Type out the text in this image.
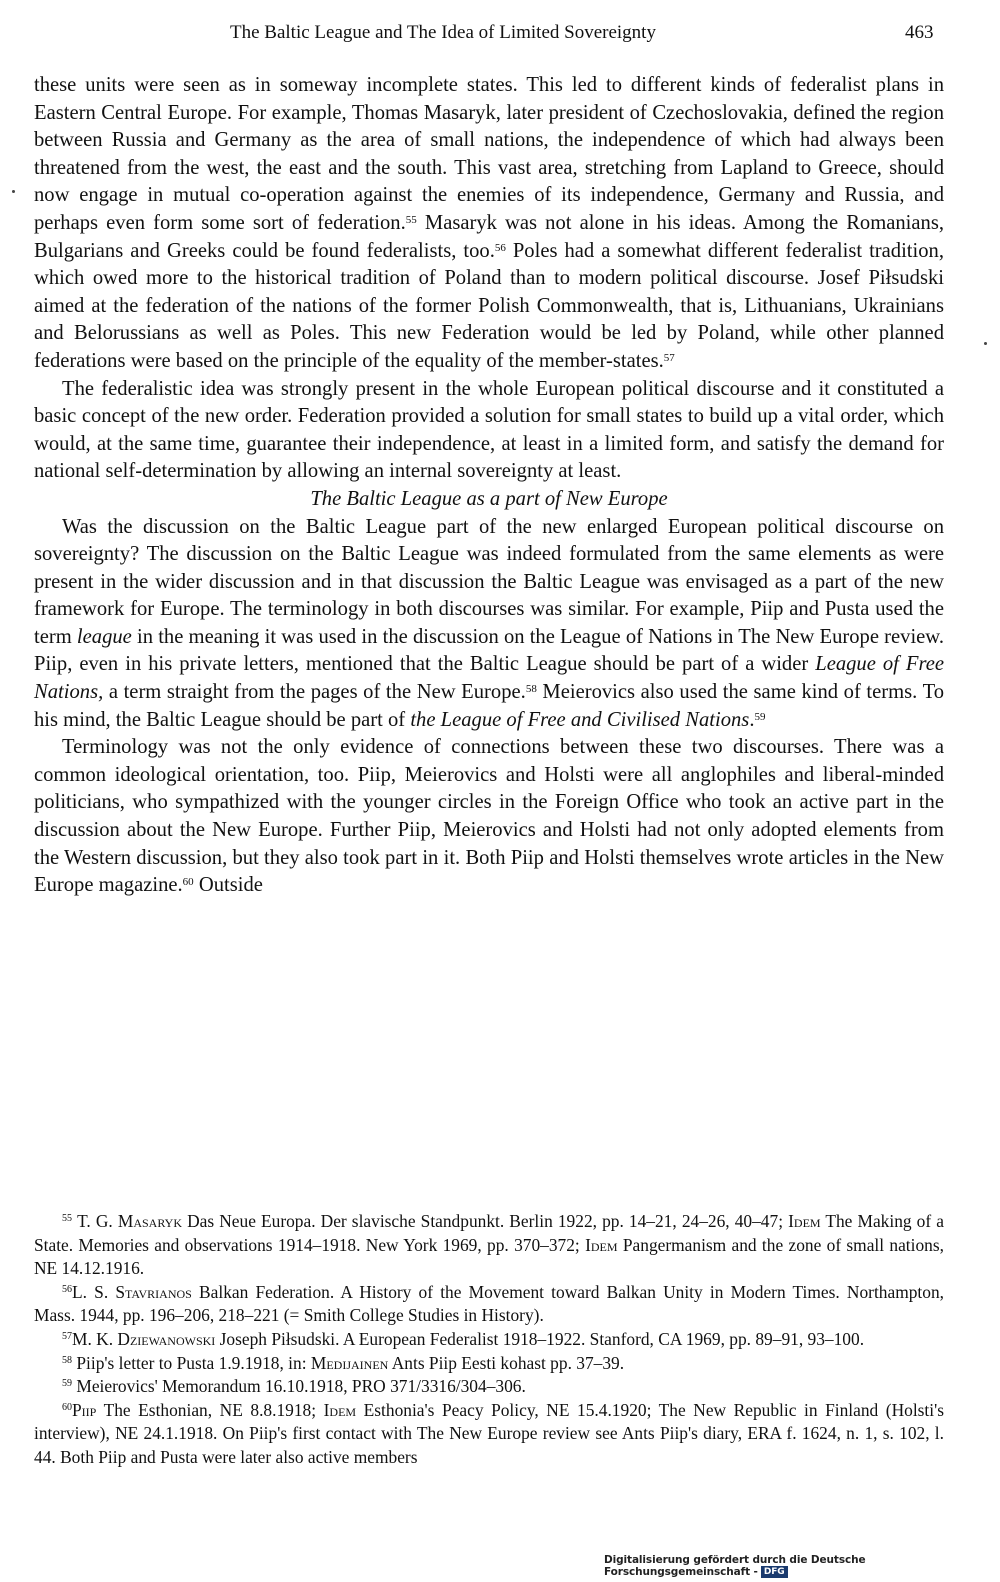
The Baltic League and The Idea of Limited Sovereignty	463

these units were seen as in someway incomplete states. This led to different kinds of federalist plans in Eastern Central Europe. For example, Thomas Masaryk, later president of Czechoslovakia, defined the region between Russia and Germany as the area of small nations, the independence of which had always been threatened from the west, the east and the south. This vast area, stretching from Lapland to Greece, should now engage in mutual co-operation against the enemies of its independence, Germany and Russia, and perhaps even form some sort of federation.$^{55}$ Masaryk was not alone in his ideas. Among the Romanians, Bulgarians and Greeks could be found federalists, too.$^{56}$ Poles had a somewhat different federalist tradition, which owed more to the historical tradition of Poland than to modern political discourse. Josef Piłsudski aimed at the federation of the nations of the former Polish Commonwealth, that is, Lithuanians, Ukrainians and Belorussians as well as Poles. This new Federation would be led by Poland, while other planned federations were based on the principle of the equality of the member-states.$^{57}$

The federalistic idea was strongly present in the whole European political discourse and it constituted a basic concept of the new order. Federation provided a solution for small states to build up a vital order, which would, at the same time, guarantee their independence, at least in a limited form, and satisfy the demand for national self-determination by allowing an internal sovereignty at least.

The Baltic League as a part of New Europe

Was the discussion on the Baltic League part of the new enlarged European political discourse on sovereignty? The discussion on the Baltic League was indeed formulated from the same elements as were present in the wider discussion and in that discussion the Baltic League was envisaged as a part of the new framework for Europe. The terminology in both discourses was similar. For example, Piip and Pusta used the term league in the meaning it was used in the discussion on the League of Nations in The New Europe review. Piip, even in his private letters, mentioned that the Baltic League should be part of a wider League of Free Nations, a term straight from the pages of the New Europe.$^{58}$ Meierovics also used the same kind of terms. To his mind, the Baltic League should be part of the League of Free and Civilised Nations.$^{59}$

Terminology was not the only evidence of connections between these two discourses. There was a common ideological orientation, too. Piip, Meierovics and Holsti were all anglophiles and liberal-minded politicians, who sympathized with the younger circles in the Foreign Office who took an active part in the discussion about the New Europe. Further Piip, Meierovics and Holsti had not only adopted elements from the Western discussion, but they also took part in it. Both Piip and Holsti themselves wrote articles in the New Europe magazine.$^{60}$ Outside

$^{55}$ T. G. Masaryk Das Neue Europa. Der slavische Standpunkt. Berlin 1922, pp. 14–21, 24–26, 40–47; Idem The Making of a State. Memories and observations 1914–1918. New York 1969, pp. 370–372; Idem Pangermanism and the zone of small nations, NE 14.12.1916.

$^{56}$L. S. Stavrianos Balkan Federation. A History of the Movement toward Balkan Unity in Modern Times. Northampton, Mass. 1944, pp. 196–206, 218–221 (= Smith College Studies in History).

$^{57}$M. K. Dziewanowski Joseph Piłsudski. A European Federalist 1918–1922. Stanford, CA 1969, pp. 89–91, 93–100.

$^{58}$ Piip's letter to Pusta 1.9.1918, in: Medijainen Ants Piip Eesti kohast pp. 37–39.

$^{59}$ Meierovics' Memorandum 16.10.1918, PRO 371/3316/304–306.

$^{60}$Piip The Esthonian, NE 8.8.1918; Idem Esthonia's Peacy Policy, NE 15.4.1920; The New Republic in Finland (Holsti's interview), NE 24.1.1918. On Piip's first contact with The New Europe review see Ants Piip's diary, ERA f. 1624, n. 1, s. 102, l. 44. Both Piip and Pusta were later also active members

Digitalisierung gefördert durch die Deutsche Forschungsgemeinschaft - DFG
